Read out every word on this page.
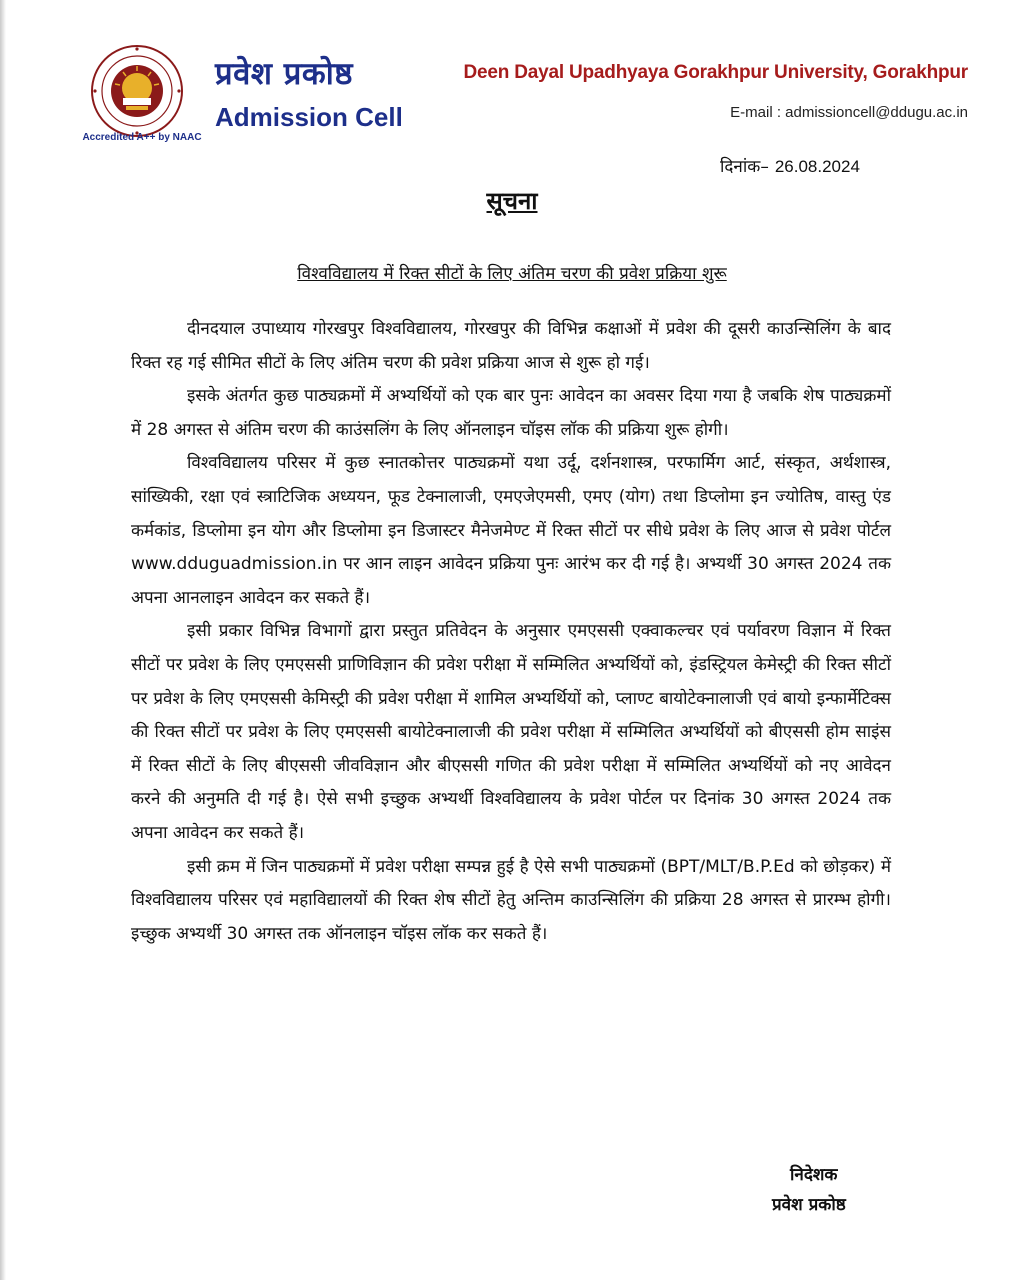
Accredited A++ by NAAC
प्रवेश प्रकोष्ठ
Admission Cell
Deen Dayal Upadhyaya Gorakhpur University, Gorakhpur
E-mail : admissioncell@ddugu.ac.in
दिनांक– 26.08.2024
सूचना
विश्वविद्यालय में रिक्त सीटों के लिए अंतिम चरण की प्रवेश प्रक्रिया शुरू

दीनदयाल उपाध्याय गोरखपुर विश्वविद्यालय, गोरखपुर की विभिन्न कक्षाओं में प्रवेश की दूसरी काउन्सिलिंग के बाद रिक्त रह गई सीमित सीटों के लिए अंतिम चरण की प्रवेश प्रक्रिया आज से शुरू हो गई।

इसके अंतर्गत कुछ पाठ्यक्रमों में अभ्यर्थियों को एक बार पुनः आवेदन का अवसर दिया गया है जबकि शेष पाठ्यक्रमों में 28 अगस्त से अंतिम चरण की काउंसलिंग के लिए ऑनलाइन चॉइस लॉक की प्रक्रिया शुरू होगी।

विश्वविद्यालय परिसर में कुछ स्नातकोत्तर पाठ्यक्रमों यथा उर्दू, दर्शनशास्त्र, परफार्मिग आर्ट, संस्कृत, अर्थशास्त्र, सांख्यिकी, रक्षा एवं स्त्राटिजिक अध्ययन, फूड टेक्नालाजी, एमएजेएमसी, एमए (योग) तथा डिप्लोमा इन ज्योतिष, वास्तु एंड कर्मकांड, डिप्लोमा इन योग और डिप्लोमा इन डिजास्टर मैनेजमेण्ट में रिक्त सीटों पर सीधे प्रवेश के लिए आज से प्रवेश पोर्टल www.dduguadmission.in पर आन लाइन आवेदन प्रक्रिया पुनः आरंभ कर दी गई है। अभ्यर्थी 30 अगस्त 2024 तक अपना आनलाइन आवेदन कर सकते हैं।

इसी प्रकार विभिन्न विभागों द्वारा प्रस्तुत प्रतिवेदन के अनुसार एमएससी एक्वाकल्चर एवं पर्यावरण विज्ञान में रिक्त सीटों पर प्रवेश के लिए एमएससी प्राणिविज्ञान की प्रवेश परीक्षा में सम्मिलित अभ्यर्थियों को, इंडस्ट्रियल केमेस्ट्री की रिक्त सीटों पर प्रवेश के लिए एमएससी केमिस्ट्री की प्रवेश परीक्षा में शामिल अभ्यर्थियों को, प्लाण्ट बायोटेक्नालाजी एवं बायो इन्फार्मेटिक्स की रिक्त सीटों पर प्रवेश के लिए एमएससी बायोटेक्नालाजी की प्रवेश परीक्षा में सम्मिलित अभ्यर्थियों को बीएससी होम साइंस में रिक्त सीटों के लिए बीएससी जीवविज्ञान और बीएससी गणित की प्रवेश परीक्षा में सम्मिलित अभ्यर्थियों को नए आवेदन करने की अनुमति दी गई है। ऐसे सभी इच्छुक अभ्यर्थी विश्वविद्यालय के प्रवेश पोर्टल पर दिनांक 30 अगस्त 2024 तक अपना आवेदन कर सकते हैं।

इसी क्रम में जिन पाठ्यक्रमों में प्रवेश परीक्षा सम्पन्न हुई है ऐसे सभी पाठ्यक्रमों (BPT/MLT/B.P.Ed को छोड़कर) में विश्वविद्यालय परिसर एवं महाविद्यालयों की रिक्त शेष सीटों हेतु अन्तिम काउन्सिलिंग की प्रक्रिया 28 अगस्त से प्रारम्भ होगी। इच्छुक अभ्यर्थी 30 अगस्त तक ऑनलाइन चॉइस लॉक कर सकते हैं।

निदेशक
प्रवेश प्रकोष्ठ
